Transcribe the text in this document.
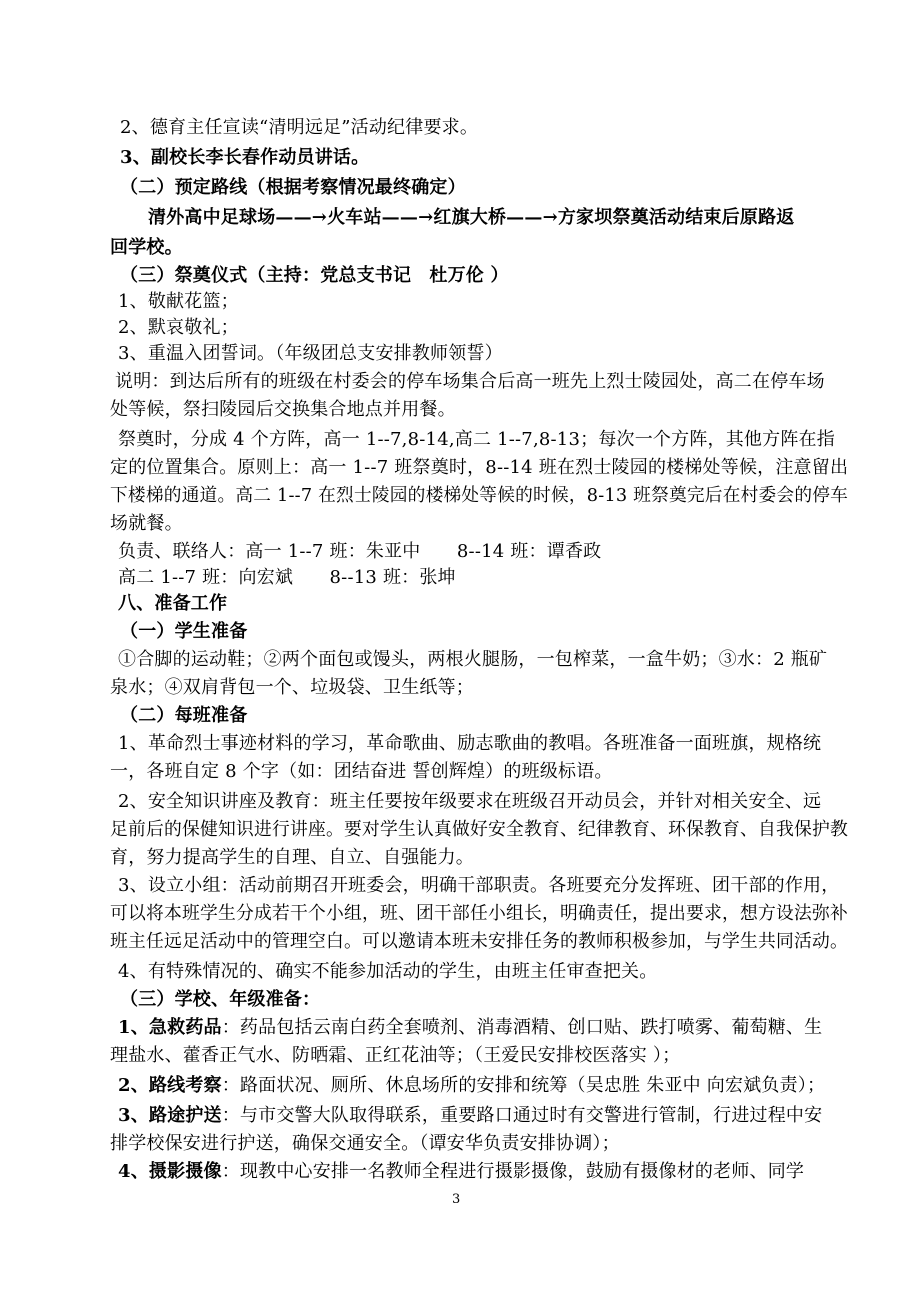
2、德育主任宣读“清明远足”活动纪律要求。
3、副校长李长春作动员讲话。
（二）预定路线（根据考察情况最终确定）
清外高中足球场——→火车站——→红旗大桥——→方家坝祭奠活动结束后原路返
回学校。
（三）祭奠仪式（主持：党总支书记　杜万伦 ）
1、敬献花篮；
2、默哀敬礼；
3、重温入团誓词。（年级团总支安排教师领誓）
说明：到达后所有的班级在村委会的停车场集合后高一班先上烈士陵园处，高二在停车场
处等候，祭扫陵园后交换集合地点并用餐。
祭奠时，分成 4 个方阵，高一 1--7,8-14,高二 1--7,8-13；每次一个方阵，其他方阵在指
定的位置集合。原则上：高一 1--7 班祭奠时，8--14 班在烈士陵园的楼梯处等候，注意留出
下楼梯的通道。高二 1--7 在烈士陵园的楼梯处等候的时候，8-13 班祭奠完后在村委会的停车
场就餐。
负责、联络人：高一 1--7 班：朱亚中　　8--14 班：谭香政
高二 1--7 班：向宏斌　　8--13 班：张坤
八、准备工作
（一）学生准备
①合脚的运动鞋；②两个面包或馒头，两根火腿肠，一包榨菜，一盒牛奶；③水：2 瓶矿
泉水；④双肩背包一个、垃圾袋、卫生纸等；
（二）每班准备
1、革命烈士事迹材料的学习，革命歌曲、励志歌曲的教唱。各班准备一面班旗，规格统
一，各班自定 8 个字（如：团结奋进 誓创辉煌）的班级标语。
2、安全知识讲座及教育：班主任要按年级要求在班级召开动员会，并针对相关安全、远
足前后的保健知识进行讲座。要对学生认真做好安全教育、纪律教育、环保教育、自我保护教
育，努力提高学生的自理、自立、自强能力。
3、设立小组：活动前期召开班委会，明确干部职责。各班要充分发挥班、团干部的作用，
可以将本班学生分成若干个小组，班、团干部任小组长，明确责任，提出要求，想方设法弥补
班主任远足活动中的管理空白。可以邀请本班未安排任务的教师积极参加，与学生共同活动。
4、有特殊情况的、确实不能参加活动的学生，由班主任审查把关。
（三）学校、年级准备：
1、急救药品：药品包括云南白药全套喷剂、消毒酒精、创口贴、跌打喷雾、葡萄糖、生
理盐水、藿香正气水、防晒霜、正红花油等；（王爱民安排校医落实 ）；
2、路线考察：路面状况、厕所、休息场所的安排和统筹（吴忠胜 朱亚中 向宏斌负责）；
3、路途护送：与市交警大队取得联系，重要路口通过时有交警进行管制，行进过程中安
排学校保安进行护送，确保交通安全。（谭安华负责安排协调）；
4、摄影摄像：现教中心安排一名教师全程进行摄影摄像，鼓励有摄像材的老师、同学
3
